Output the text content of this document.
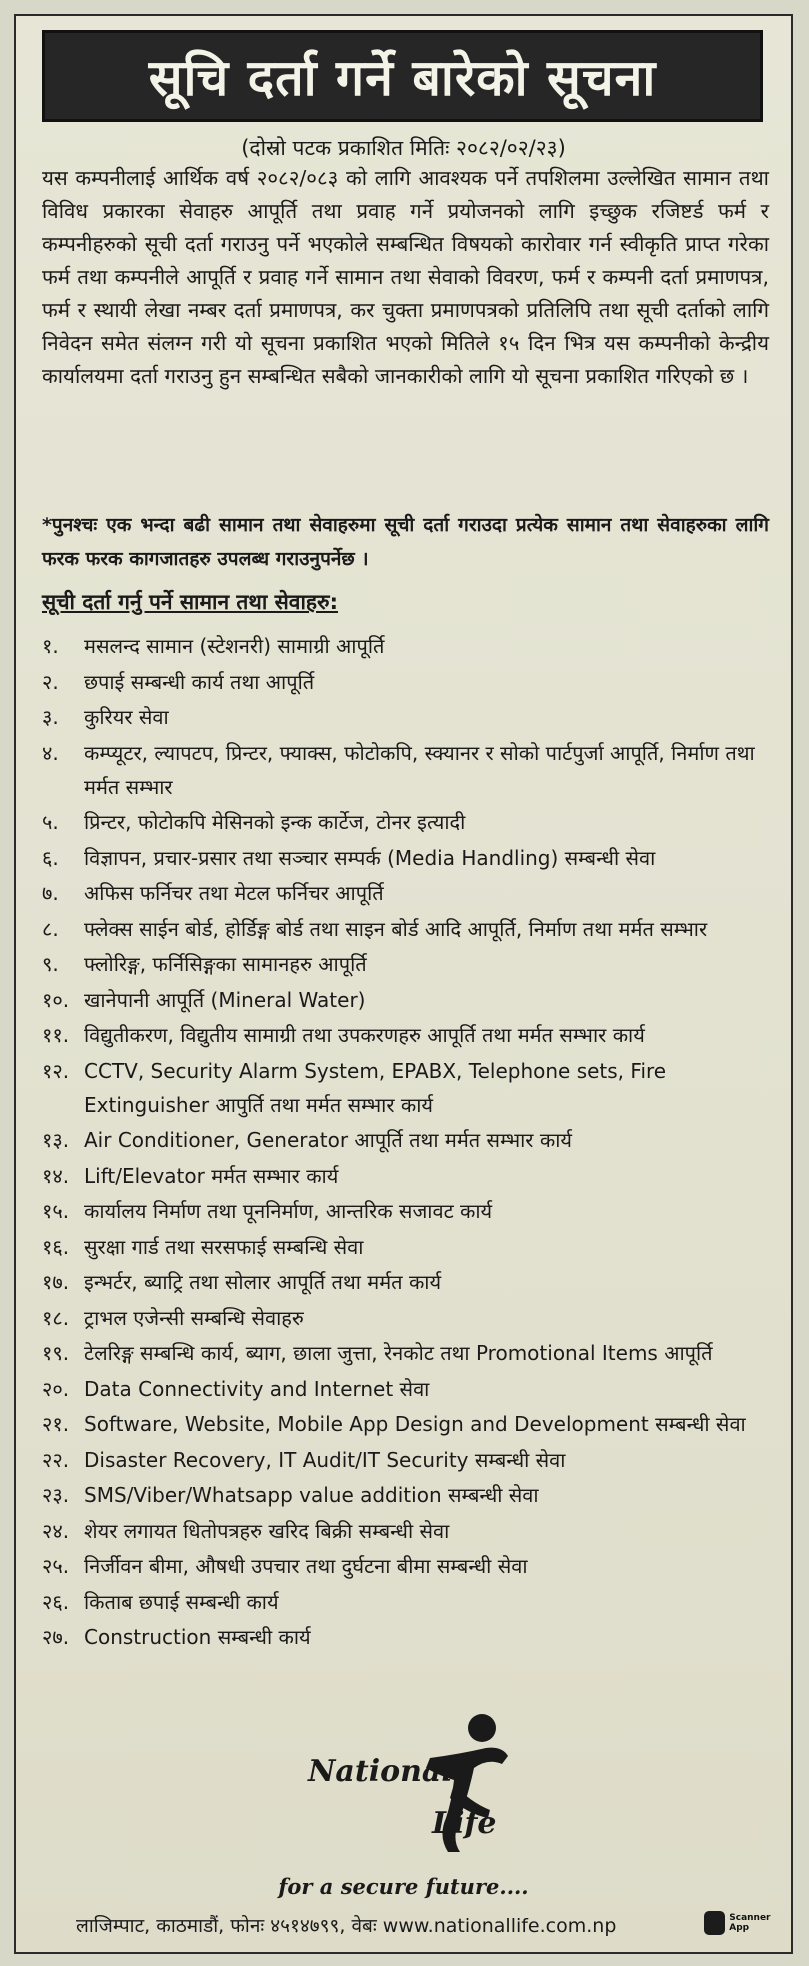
सूचि दर्ता गर्ने बारेको सूचना
(दोस्रो पटक प्रकाशित मितिः २०८२/०२/२३)

यस कम्पनीलाई आर्थिक वर्ष २०८२/०८३ को लागि आवश्यक पर्ने तपशिलमा उल्लेखित सामान तथा विविध प्रकारका सेवाहरु आपूर्ति तथा प्रवाह गर्ने प्रयोजनको लागि इच्छुक रजिष्टर्ड फर्म र कम्पनीहरुको सूची दर्ता गराउनु पर्ने भएकोले सम्बन्धित विषयको कारोवार गर्न स्वीकृति प्राप्त गरेका फर्म तथा कम्पनीले आपूर्ति र प्रवाह गर्ने सामान तथा सेवाको विवरण, फर्म र कम्पनी दर्ता प्रमाणपत्र, फर्म र स्थायी लेखा नम्बर दर्ता प्रमाणपत्र, कर चुक्ता प्रमाणपत्रको प्रतिलिपि तथा सूची दर्ताको लागि निवेदन समेत संलग्न गरी यो सूचना प्रकाशित भएको मितिले १५ दिन भित्र यस कम्पनीको केन्द्रीय कार्यालयमा दर्ता गराउनु हुन सम्बन्धित सबैको जानकारीको लागि यो सूचना प्रकाशित गरिएको छ ।

*पुनश्चः एक भन्दा बढी सामान तथा सेवाहरुमा सूची दर्ता गराउदा प्रत्येक सामान तथा सेवाहरुका लागि फरक फरक कागजातहरु उपलब्ध गराउनुपर्नेछ ।

सूची दर्ता गर्नु पर्ने सामान तथा सेवाहरु:
१.	मसलन्द सामान (स्टेशनरी) सामाग्री आपूर्ति
२.	छपाई सम्बन्धी कार्य तथा आपूर्ति
३.	कुरियर सेवा
४.	कम्प्यूटर, ल्यापटप, प्रिन्टर, फ्याक्स, फोटोकपि, स्क्यानर र सोको पार्टपुर्जा आपूर्ति, निर्माण तथा मर्मत सम्भार
५.	प्रिन्टर, फोटोकपि मेसिनको इन्क कार्टेज, टोनर इत्यादी
६.	विज्ञापन, प्रचार-प्रसार तथा सञ्चार सम्पर्क (Media Handling) सम्बन्धी सेवा
७.	अफिस फर्निचर तथा मेटल फर्निचर आपूर्ति
८.	फ्लेक्स साईन बोर्ड, होर्डिङ्ग बोर्ड तथा साइन बोर्ड आदि आपूर्ति, निर्माण तथा मर्मत सम्भार
९.	फ्लोरिङ्ग, फर्निसिङ्गका सामानहरु आपूर्ति
१०. खानेपानी आपूर्ति (Mineral Water)
११. विद्युतीकरण, विद्युतीय सामाग्री तथा उपकरणहरु आपूर्ति तथा मर्मत सम्भार कार्य
१२. CCTV, Security Alarm System, EPABX, Telephone sets, Fire Extinguisher आपुर्ति तथा मर्मत सम्भार कार्य
१३. Air Conditioner, Generator आपूर्ति तथा मर्मत सम्भार कार्य
१४. Lift/Elevator मर्मत सम्भार कार्य
१५. कार्यालय निर्माण तथा पूननिर्माण, आन्तरिक सजावट कार्य
१६. सुरक्षा गार्ड तथा सरसफाई सम्बन्धि सेवा
१७. इन्भर्टर, ब्याट्रि तथा सोलार आपूर्ति तथा मर्मत कार्य
१८. ट्राभल एजेन्सी सम्बन्धि सेवाहरु
१९. टेलरिङ्ग सम्बन्धि कार्य, ब्याग, छाला जुत्ता, रेनकोट तथा Promotional Items आपूर्ति
२०. Data Connectivity and Internet सेवा
२१. Software, Website, Mobile App Design and Development सम्बन्धी सेवा
२२. Disaster Recovery, IT Audit/IT Security सम्बन्धी सेवा
२३. SMS/Viber/Whatsapp value addition सम्बन्धी सेवा
२४. शेयर लगायत धितोपत्रहरु खरिद बिक्री सम्बन्धी सेवा
२५. निर्जीवन बीमा, औषधी उपचार तथा दुर्घटना बीमा सम्बन्धी सेवा
२६. किताब छपाई सम्बन्धी कार्य
२७. Construction सम्बन्धी कार्य
National
Life
for a secure future....
लाजिम्पाट, काठमाडौं, फोनः ४५१४७९९, वेबः www.nationallife.com.np	Scanner App
